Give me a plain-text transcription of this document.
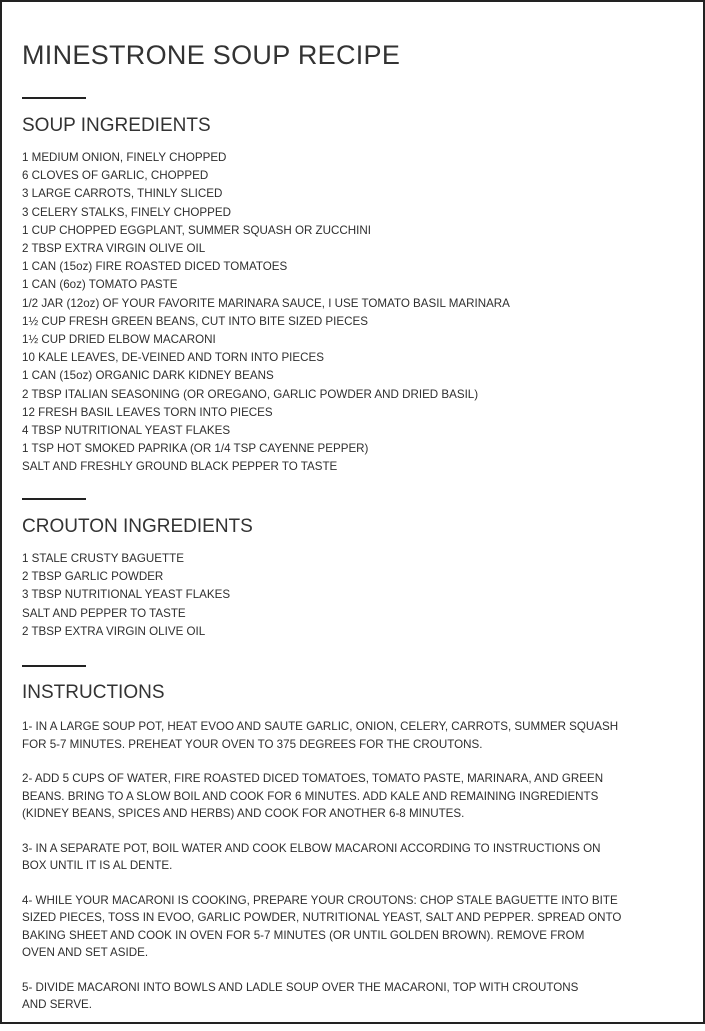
MINESTRONE SOUP RECIPE
SOUP INGREDIENTS
1 MEDIUM ONION, FINELY CHOPPED
6 CLOVES OF GARLIC, CHOPPED
3 LARGE CARROTS, THINLY SLICED
3 CELERY STALKS, FINELY CHOPPED
1 CUP CHOPPED EGGPLANT, SUMMER SQUASH OR ZUCCHINI
2 TBSP EXTRA VIRGIN OLIVE OIL
1 CAN (15oz) FIRE ROASTED DICED TOMATOES
1 CAN (6oz) TOMATO PASTE
1/2 JAR (12oz) OF YOUR FAVORITE MARINARA SAUCE, I USE TOMATO BASIL MARINARA
1½ CUP FRESH GREEN BEANS, CUT INTO BITE SIZED PIECES
1½ CUP DRIED ELBOW MACARONI
10 KALE LEAVES, DE-VEINED AND TORN INTO PIECES
1 CAN (15oz) ORGANIC DARK KIDNEY BEANS
2 TBSP ITALIAN SEASONING (OR OREGANO, GARLIC POWDER AND DRIED BASIL)
12 FRESH BASIL LEAVES TORN INTO PIECES
4 TBSP NUTRITIONAL YEAST FLAKES
1 TSP HOT SMOKED PAPRIKA (OR 1/4 TSP CAYENNE PEPPER)
SALT AND FRESHLY GROUND BLACK PEPPER TO TASTE
CROUTON INGREDIENTS
1 STALE CRUSTY BAGUETTE
2 TBSP GARLIC POWDER
3 TBSP NUTRITIONAL YEAST FLAKES
SALT AND PEPPER TO TASTE
2 TBSP EXTRA VIRGIN OLIVE OIL
INSTRUCTIONS

1- IN A LARGE SOUP POT, HEAT EVOO AND SAUTE GARLIC, ONION, CELERY, CARROTS, SUMMER SQUASH
FOR 5-7 MINUTES. PREHEAT YOUR OVEN TO 375 DEGREES FOR THE CROUTONS.

2- ADD 5 CUPS OF WATER, FIRE ROASTED DICED TOMATOES, TOMATO PASTE, MARINARA, AND GREEN
BEANS. BRING TO A SLOW BOIL AND COOK FOR 6 MINUTES. ADD KALE AND REMAINING INGREDIENTS
(KIDNEY BEANS, SPICES AND HERBS) AND COOK FOR ANOTHER 6-8 MINUTES.

3- IN A SEPARATE POT, BOIL WATER AND COOK ELBOW MACARONI ACCORDING TO INSTRUCTIONS ON
BOX UNTIL IT IS AL DENTE.

4- WHILE YOUR MACARONI IS COOKING, PREPARE YOUR CROUTONS: CHOP STALE BAGUETTE INTO BITE
SIZED PIECES, TOSS IN EVOO, GARLIC POWDER, NUTRITIONAL YEAST, SALT AND PEPPER. SPREAD ONTO
BAKING SHEET AND COOK IN OVEN FOR 5-7 MINUTES (OR UNTIL GOLDEN BROWN). REMOVE FROM
OVEN AND SET ASIDE.

5- DIVIDE MACARONI INTO BOWLS AND LADLE SOUP OVER THE MACARONI, TOP WITH CROUTONS
AND SERVE.
